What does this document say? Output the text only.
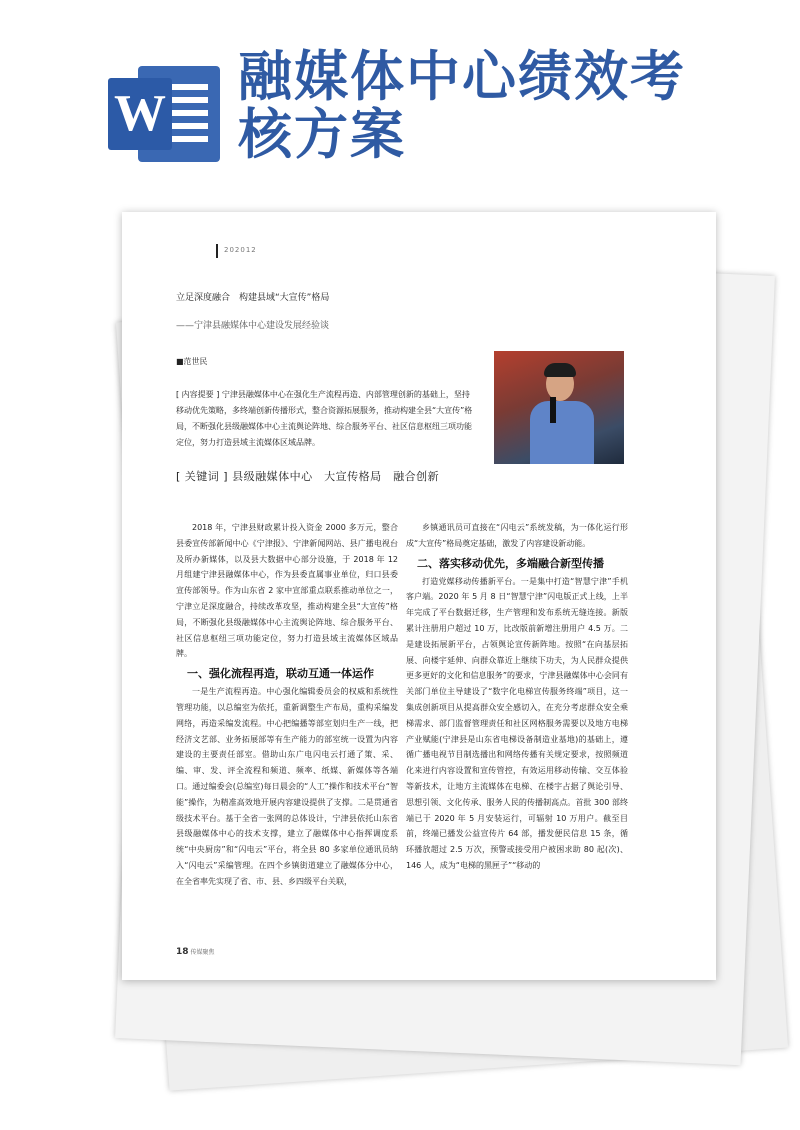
W
融媒体中心绩效考核方案
202012
立足深度融合　构建县域“大宣传”格局
——宁津县融媒体中心建设发展经验谈
■范世民
[ 内容提要 ] 宁津县融媒体中心在强化生产流程再造、内部管理创新的基础上，坚持移动优先策略，多终端创新传播形式，整合资源拓展服务，推动构建全县“大宣传”格局，不断强化县级融媒体中心主流舆论阵地、综合服务平台、社区信息枢纽三项功能定位，努力打造县域主流媒体区域品牌。
[ 关键词 ] 县级融媒体中心　大宣传格局　融合创新

2018 年，宁津县财政累计投入资金 2000 多万元，整合县委宣传部新闻中心《宁津报》、宁津新闻网站、县广播电视台及所办新媒体，以及县大数据中心部分设施，于 2018 年 12 月组建宁津县融媒体中心，作为县委直属事业单位，归口县委宣传部领导。作为山东省 2 家中宣部重点联系推动单位之一，宁津立足深度融合，持续改革攻坚，推动构建全县“大宣传”格局，不断强化县级融媒体中心主流舆论阵地、综合服务平台、社区信息枢纽三项功能定位，努力打造县域主流媒体区域品牌。

一、强化流程再造，联动互通一体运作

一是生产流程再造。中心强化编辑委员会的权威和系统性管理功能，以总编室为依托，重新调整生产布局，重构采编发网络，再造采编发流程。中心把编播等部室划归生产一线，把经济文艺部、业务拓展部等有生产能力的部室统一设置为内容建设的主要责任部室。借助山东广电闪电云打通了策、采、编、审、发、评全流程和频道、频率、纸媒、新媒体等各端口。通过编委会(总编室)每日晨会的“人工”操作和技术平台“智能”操作，为精准高效地开展内容建设提供了支撑。二是贯通省级技术平台。基于全省一张网的总体设计，宁津县依托山东省县级融媒体中心的技术支撑，建立了融媒体中心指挥调度系统“中央厨房”和“闪电云”平台，将全县 80 多家单位通讯员纳入“闪电云”采编管理。在四个乡镇街道建立了融媒体分中心，在全省率先实现了省、市、县、乡四级平台关联，

乡镇通讯员可直接在“闪电云”系统发稿，为一体化运行形成“大宣传”格局奠定基础，激发了内容建设新动能。

二、落实移动优先，多端融合新型传播

打造党媒移动传播新平台。一是集中打造“智慧宁津”手机客户端。2020 年 5 月 8 日“智慧宁津”闪电版正式上线，上半年完成了平台数据迁移，生产管理和发布系统无缝连接。新版累计注册用户超过 10 万，比改版前新增注册用户 4.5 万。二是建设拓展新平台，占领舆论宣传新阵地。按照“在向基层拓展、向楼宇延伸、向群众靠近上继续下功夫，为人民群众提供更多更好的文化和信息服务”的要求，宁津县融媒体中心会同有关部门单位主导建设了“数字化电梯宣传服务终端”项目，这一集成创新项目从提高群众安全感切入，在充分考虑群众安全乘梯需求、部门监督管理责任和社区网格服务需要以及地方电梯产业赋能(宁津县是山东省电梯设备制造业基地)的基础上，遵循广播电视节目制选播出和网络传播有关规定要求，按照频道化来进行内容设置和宣传管控，有效运用移动传输、交互体验等新技术，让地方主流媒体在电梯、在楼宇占据了舆论引导、思想引领、文化传承、服务人民的传播制高点。首批 300 部终端已于 2020 年 5 月安装运行，可辐射 10 万用户。截至目前，终端已播发公益宣传片 64 部，播发便民信息 15 条，循环播放超过 2.5 万次，预警或接受用户被困求助 80 起(次)、146 人，成为“电梯的黑匣子”“移动的

18 传媒聚焦
